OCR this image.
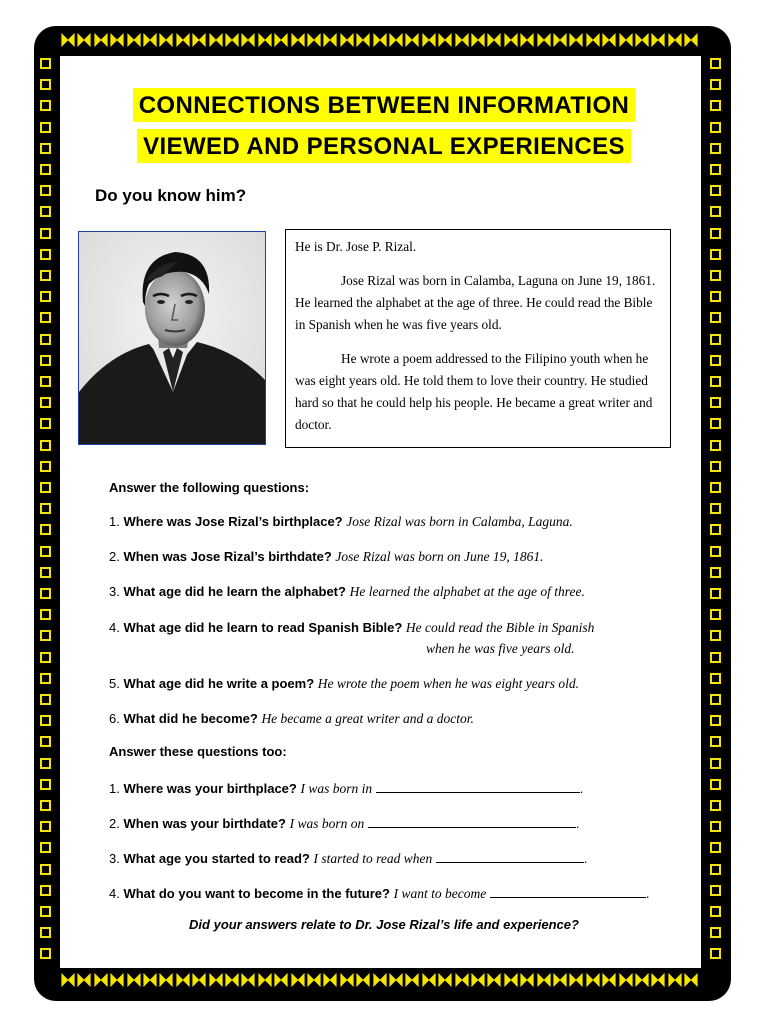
CONNECTIONS BETWEEN INFORMATION
VIEWED AND PERSONAL EXPERIENCES
Do you know him?

He is Dr. Jose P. Rizal.

Jose Rizal was born in Calamba, Laguna on June 19, 1861. He learned the alphabet at the age of three. He could read the Bible in Spanish when he was five years old.

He wrote a poem addressed to the Filipino youth when he was eight years old. He told them to love their country. He studied hard so that he could help his people. He became a great writer and doctor.

Answer the following questions:
1. Where was Jose Rizal’s birthplace? Jose Rizal was born in Calamba, Laguna.
2. When was Jose Rizal’s birthdate? Jose Rizal was born on June 19, 1861.
3. What age did he learn the alphabet? He learned the alphabet at the age of three.
4. What age did he learn to read Spanish Bible? He could read the Bible in Spanish
when he was five years old.
5. What age did he write a poem? He wrote the poem when he was eight years old.
6. What did he become? He became a great writer and a doctor.
Answer these questions too:
1. Where was your birthplace? I was born in	.
2. When was your birthdate? I was born on	.
3. What age you started to read? I started to read when	.
4. What do you want to become in the future? I want to become	.
Did your answers relate to Dr. Jose Rizal’s life and experience?
